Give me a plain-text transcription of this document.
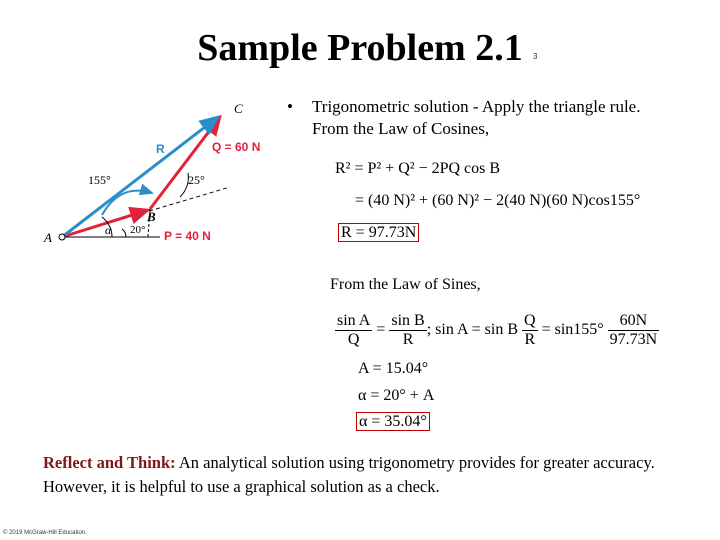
Sample Problem 2.1	3
A
B
C
R	Q = 60 N
P = 40 N
155°	25°
20°
α
• Trigonometric solution - Apply the triangle rule.
From the Law of Cosines,
R² = P² + Q² − 2PQ cos B
= (40 N)² + (60 N)² − 2(40 N)(60 N)cos155°
R = 97.73N
From the Law of Sines,
$\frac{\text{sin A}}{Q} = \frac{\text{sin B}}{R}$ ; sin A = sin B $\frac{Q}{R} = \sin 155^\circ \frac{60N}{97.73N}$
A = 15.04°
α = 20° + A
α = 35.04°
Reflect and Think: An analytical solution using trigonometry provides for greater accuracy. However, it is helpful to use a graphical solution as a check.
© 2019 McGraw-Hill Education.
